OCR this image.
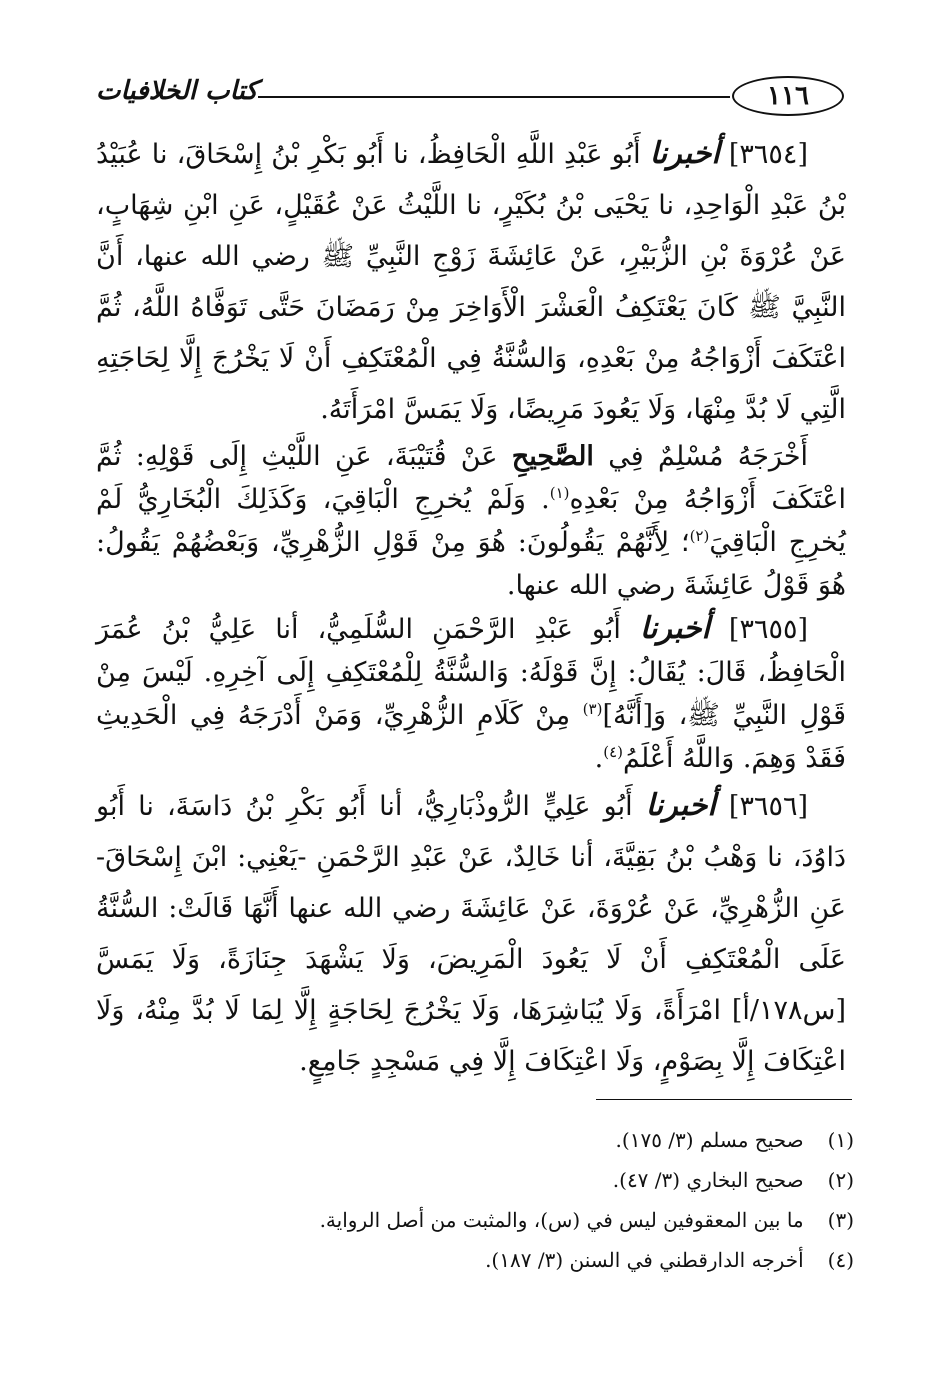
١١٦
كتاب الخلافيات

[٣٦٥٤] أخبرنا أَبُو عَبْدِ اللَّهِ الْحَافِظُ، نا أَبُو بَكْرِ بْنُ إِسْحَاقَ، نا عُبَيْدُ بْنُ عَبْدِ الْوَاحِدِ، نا يَحْيَى بْنُ بُكَيْرٍ، نا اللَّيْثُ عَنْ عُقَيْلٍ، عَنِ ابْنِ شِهَابٍ، عَنْ عُرْوَةَ بْنِ الزُّبَيْرِ، عَنْ عَائِشَةَ زَوْجِ النَّبِيِّ ﷺ رضي الله عنها، أَنَّ النَّبِيَّ ﷺ كَانَ يَعْتَكِفُ الْعَشْرَ الْأَوَاخِرَ مِنْ رَمَضَانَ حَتَّى تَوَفَّاهُ اللَّهُ، ثُمَّ اعْتَكَفَ أَزْوَاجُهُ مِنْ بَعْدِهِ، وَالسُّنَّةُ فِي الْمُعْتَكِفِ أَنْ لَا يَخْرُجَ إِلَّا لِحَاجَتِهِ الَّتِي لَا بُدَّ مِنْهَا، وَلَا يَعُودَ مَرِيضًا، وَلَا يَمَسَّ امْرَأَتَهُ.

أَخْرَجَهُ مُسْلِمٌ فِي الصَّحِيحِ عَنْ قُتَيْبَةَ، عَنِ اللَّيْثِ إِلَى قَوْلِهِ: ثُمَّ اعْتَكَفَ أَزْوَاجُهُ مِنْ بَعْدِهِ$^{(١)}$. وَلَمْ يُخرِجِ الْبَاقِيَ، وَكَذَلِكَ الْبُخَارِيُّ لَمْ يُخرِجِ الْبَاقِيَ$^{(٢)}$؛ لِأَنَّهُمْ يَقُولُونَ: هُوَ مِنْ قَوْلِ الزُّهْرِيِّ، وَبَعْضُهُمْ يَقُولُ: هُوَ قَوْلُ عَائِشَةَ رضي الله عنها.

[٣٦٥٥] أخبرنا أَبُو عَبْدِ الرَّحْمَنِ السُّلَمِيُّ، أنا عَلِيُّ بْنُ عُمَرَ الْحَافِظُ، قَالَ: يُقَالُ: إِنَّ قَوْلَهُ: وَالسُّنَّةُ لِلْمُعْتَكِفِ إِلَى آخِرِهِ. لَيْسَ مِنْ قَوْلِ النَّبِيِّ ﷺ، وَ[أَنَّهُ]$^{(٣)}$ مِنْ كَلَامِ الزُّهْرِيِّ، وَمَنْ أَدْرَجَهُ فِي الْحَدِيثِ فَقَدْ وَهِمَ. وَاللَّهُ أَعْلَمُ$^{(٤)}$.

[٣٦٥٦] أخبرنا أَبُو عَلِيٍّ الرُّوذْبَارِيُّ، أنا أَبُو بَكْرِ بْنُ دَاسَةَ، نا أَبُو دَاوُدَ، نا وَهْبُ بْنُ بَقِيَّةَ، أنا خَالِدٌ، عَنْ عَبْدِ الرَّحْمَنِ -يَعْنِي: ابْنَ إِسْحَاقَ- عَنِ الزُّهْرِيِّ، عَنْ عُرْوَةَ، عَنْ عَائِشَةَ رضي الله عنها أَنَّهَا قَالَتْ: السُّنَّةُ عَلَى الْمُعْتَكِفِ أَنْ لَا يَعُودَ الْمَرِيضَ، وَلَا يَشْهَدَ جِنَازَةً، وَلَا يَمَسَّ [س١٧٨/أ] امْرَأَةً، وَلَا يُبَاشِرَهَا، وَلَا يَخْرُجَ لِحَاجَةٍ إِلَّا لِمَا لَا بُدَّ مِنْهُ، وَلَا اعْتِكَافَ إِلَّا بِصَوْمٍ، وَلَا اعْتِكَافَ إِلَّا فِي مَسْجِدٍ جَامِعٍ.

(١) صحيح مسلم (٣/ ١٧٥).

(٢) صحيح البخاري (٣/ ٤٧).

(٣) ما بين المعقوفين ليس في (س)، والمثبت من أصل الرواية.

(٤) أخرجه الدارقطني في السنن (٣/ ١٨٧).
